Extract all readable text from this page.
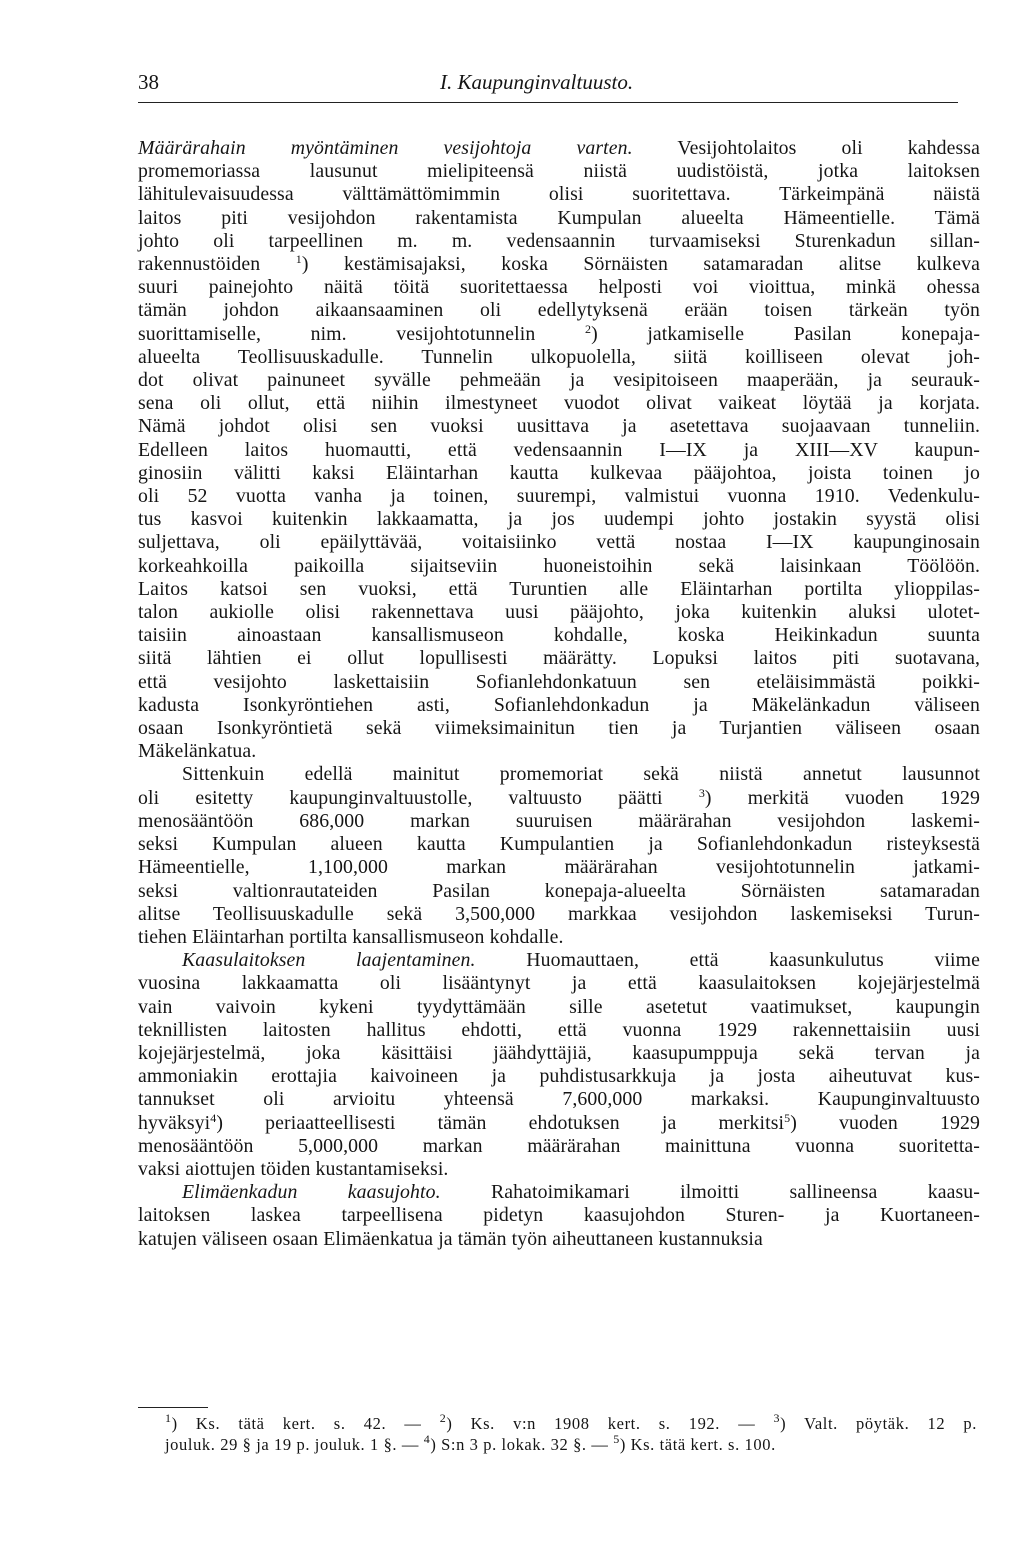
38	I. Kaupunginvaltuusto.
Määrärahain myöntäminen vesijohtoja varten. Vesijohtolaitos oli kahdessa
promemoriassa lausunut mielipiteensä niistä uudistöistä, jotka laitoksen
lähitulevaisuudessa välttämättömimmin olisi suoritettava. Tärkeimpänä näistä
laitos piti vesijohdon rakentamista Kumpulan alueelta Hämeentielle. Tämä
johto oli tarpeellinen m. m. vedensaannin turvaamiseksi Sturenkadun sillan-
rakennustöiden $^1$) kestämisajaksi, koska Sörnäisten satamaradan alitse kulkeva
suuri painejohto näitä töitä suoritettaessa helposti voi vioittua, minkä ohessa
tämän johdon aikaansaaminen oli edellytyksenä erään toisen tärkeän työn
suorittamiselle, nim. vesijohtotunnelin $^2$) jatkamiselle Pasilan konepaja-
alueelta Teollisuuskadulle. Tunnelin ulkopuolella, siitä koilliseen olevat joh-
dot olivat painuneet syvälle pehmeään ja vesipitoiseen maaperään, ja seurauk-
sena oli ollut, että niihin ilmestyneet vuodot olivat vaikeat löytää ja korjata.
Nämä johdot olisi sen vuoksi uusittava ja asetettava suojaavaan tunneliin.
Edelleen laitos huomautti, että vedensaannin I—IX ja XIII—XV kaupun-
ginosiin välitti kaksi Eläintarhan kautta kulkevaa pääjohtoa, joista toinen jo
oli 52 vuotta vanha ja toinen, suurempi, valmistui vuonna 1910. Vedenkulu-
tus kasvoi kuitenkin lakkaamatta, ja jos uudempi johto jostakin syystä olisi
suljettava, oli epäilyttävää, voitaisiinko vettä nostaa I—IX kaupunginosain
korkeahkoilla paikoilla sijaitseviin huoneistoihin sekä laisinkaan Töölöön.
Laitos katsoi sen vuoksi, että Turuntien alle Eläintarhan portilta ylioppilas-
talon aukiolle olisi rakennettava uusi pääjohto, joka kuitenkin aluksi ulotet-
taisiin ainoastaan kansallismuseon kohdalle, koska Heikinkadun suunta
siitä lähtien ei ollut lopullisesti määrätty. Lopuksi laitos piti suotavana,
että vesijohto laskettaisiin Sofianlehdonkatuun sen eteläisimmästä poikki-
kadusta Isonkyröntiehen asti, Sofianlehdonkadun ja Mäkelänkadun väliseen
osaan Isonkyröntietä sekä viimeksimainitun tien ja Turjantien väliseen osaan
Mäkelänkatua.
Sittenkuin edellä mainitut promemoriat sekä niistä annetut lausunnot
oli esitetty kaupunginvaltuustolle, valtuusto päätti $^3$) merkitä vuoden 1929
menosääntöön 686,000 markan suuruisen määrärahan vesijohdon laskemi-
seksi Kumpulan alueen kautta Kumpulantien ja Sofianlehdonkadun risteyksestä
Hämeentielle, 1,100,000 markan määrärahan vesijohtotunnelin jatkami-
seksi valtionrautateiden Pasilan konepaja-alueelta Sörnäisten satamaradan
alitse Teollisuuskadulle sekä 3,500,000 markkaa vesijohdon laskemiseksi Turun-
tiehen Eläintarhan portilta kansallismuseon kohdalle.
Kaasulaitoksen laajentaminen. Huomauttaen, että kaasunkulutus viime
vuosina lakkaamatta oli lisääntynyt ja että kaasulaitoksen kojejärjestelmä
vain vaivoin kykeni tyydyttämään sille asetetut vaatimukset, kaupungin
teknillisten laitosten hallitus ehdotti, että vuonna 1929 rakennettaisiin uusi
kojejärjestelmä, joka käsittäisi jäähdyttäjiä, kaasupumppuja sekä tervan ja
ammoniakin erottajia kaivoineen ja puhdistusarkkuja ja josta aiheutuvat kus-
tannukset oli arvioitu yhteensä 7,600,000 markaksi. Kaupunginvaltuusto
hyväksyi$^4$) periaatteellisesti tämän ehdotuksen ja merkitsi$^5$) vuoden 1929
menosääntöön 5,000,000 markan määrärahan mainittuna vuonna suoritetta-
vaksi aiottujen töiden kustantamiseksi.
Elimäenkadun kaasujohto. Rahatoimikamari ilmoitti sallineensa kaasu-
laitoksen laskea tarpeellisena pidetyn kaasujohdon Sturen- ja Kuortaneen-
katujen väliseen osaan Elimäenkatua ja tämän työn aiheuttaneen kustannuksia
$^1$) Ks. tätä kert. s. 42. — $^2$) Ks. v:n 1908 kert. s. 192. — $^3$) Valt. pöytäk. 12 p.
jouluk. 29 § ja 19 p. jouluk. 1 §. — $^4$) S:n 3 p. lokak. 32 §. — $^5$) Ks. tätä kert. s. 100.
